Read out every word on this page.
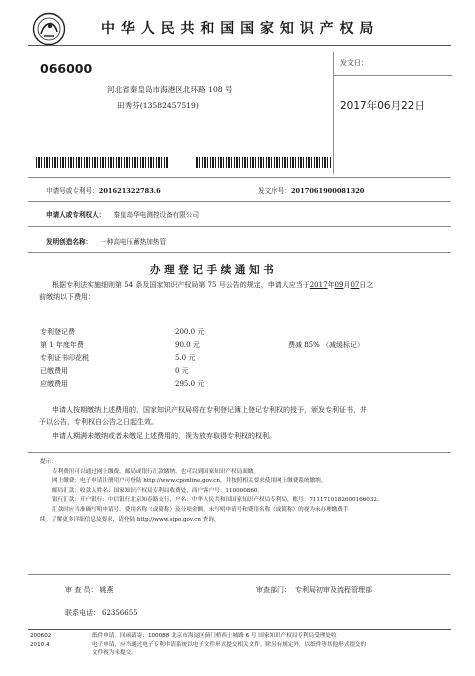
中 华 人 民 共 和 国 国 家 知 识 产 权 局
066000
河北省秦皇岛市海港区北环路 108 号
田秀芬(13582457519)
发文日：
2017年06月22日
申请号或专利号：201621322783.6	发文序号：2017061900081320
申请人或专利权人： 秦皇岛华电测控设备有限公司
发明创造名称： 一种高电压蓄热加热管
办 理 登 记 手 续 通 知 书
根据专利法实施细则第 54 条及国家知识产权局第 75 号公告的规定，申请人应当于2017年09月07日之
前缴纳以下费用：
专利登记费	200.0 元
第 1 年度年费	90.0 元	费减 85% （减缓标记）
专利证书印花税	5.0 元
已缴费用	0 元
应缴费用	295.0 元
申请人按期缴纳上述费用的，国家知识产权局将在专利登记簿上登记专利权的授予，颁发专利证书，并
予以公告，专利权自公告之日起生效。
申请人期满未缴纳或者未缴足上述费用的，视为放弃取得专利权的权利。
提示：
专利费用可以通过网上缴费、邮局或银行汇款缴纳，也可以到国家知识产权局面缴。
网上缴费：电子申请注册用户可登陆 http://www.cponline.gov.cn，并按照相关要求使用网上缴费系统缴纳。
邮局汇款：收款人姓名：国家知识产权局专利局收费处，商户客户号：110000860。
银行汇款：开户银行：中信银行北京知春路支行，户名：中华人民共和国国家知识产权局专利局，账号：7111710182600166032。
汇款时应当准确写明申请号、费用名称（或简称）及分项金额。未写明申请号和费用名称（或简称）的视为未办理缴费手
续。了解更多详细信息及要求，请登陆 http://www.sipo.gov.cn 查询。
审 查 员： 姚燕	审查部门： 专利局初审及流程管理部
联系电话： 62356655
200602
2010.4
纸件申请，回函请寄：100088 北京市海淀区蓟门桥西土城路 6 号 国家知识产权局专利局受理处收
电子申请，应当通过电子专利申请系统以电子文件形式提交相关文件。除另有规定外，以纸件等其他形式提交的
文件视为未提交。
